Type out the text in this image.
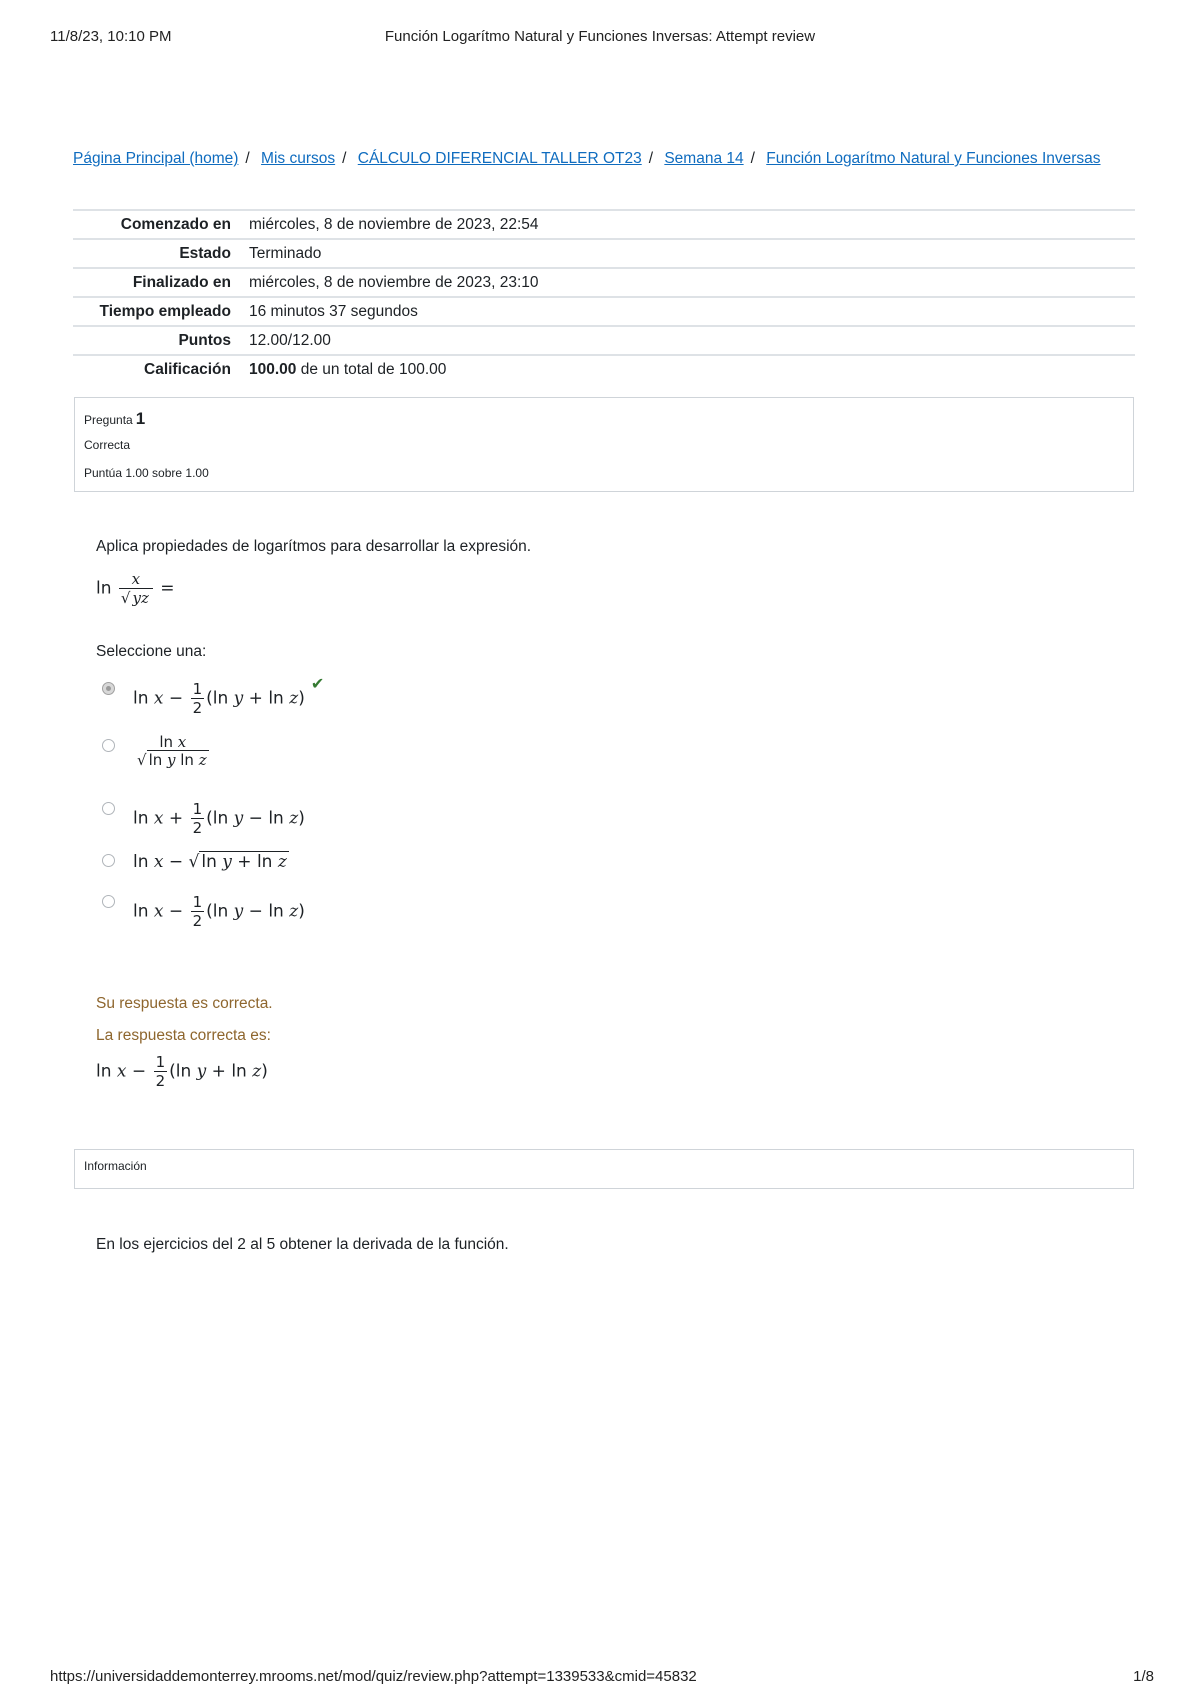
11/8/23, 10:10 PM	Función Logarítmo Natural y Funciones Inversas: Attempt review
Página Principal (home) / Mis cursos / CÁLCULO DIFERENCIAL TALLER OT23 / Semana 14 / Función Logarítmo Natural y Funciones Inversas
Comenzado en	miércoles, 8 de noviembre de 2023, 22:54
Estado	Terminado
Finalizado en	miércoles, 8 de noviembre de 2023, 23:10
Tiempo empleado	16 minutos 37 segundos
Puntos	12.00/12.00
Calificación	100.00 de un total de 100.00
Pregunta 1
Correcta
Puntúa 1.00 sobre 1.00
Aplica propiedades de logarítmos para desarrollar la expresión.
$\ln \frac{x}{√ yz}$ =
Seleccione una:
$\ln x - \frac{1}{2} (\ln$ y + ln z)
✔
ln x
√ ln y ln z
$\ln x + \frac{1}{2} (\ln$ y − ln z)
ln x − √ ln y + ln z
$\ln x - \frac{1}{2} (\ln$ y − ln z)
Su respuesta es correcta.
La respuesta correcta es:
$\ln x - \frac{1}{2} (\ln$ y + ln z)
Información
En los ejercicios del 2 al 5 obtener la derivada de la función.
https://universidaddemonterrey.mrooms.net/mod/quiz/review.php?attempt=1339533&cmid=45832	1/8
